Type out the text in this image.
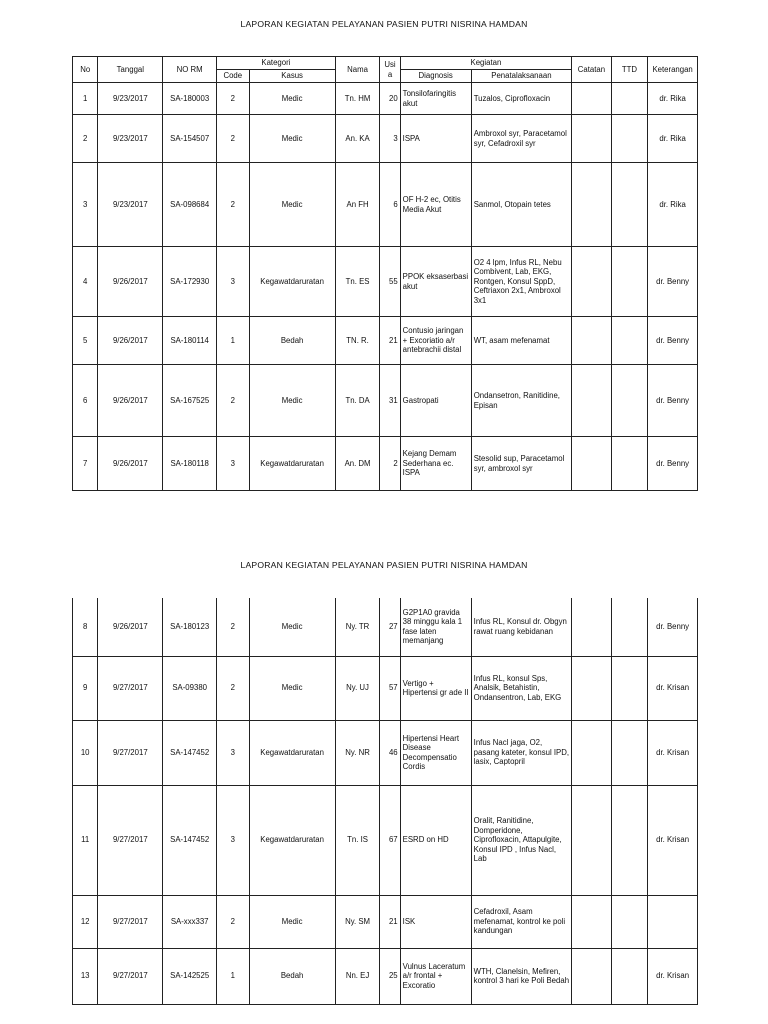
LAPORAN KEGIATAN PELAYANAN PASIEN PUTRI NISRINA HAMDAN
No	Tanggal	NO RM	Kategori		Nama	Usia	Kegiatan		Catatan	TTD	Keterangan
			Code	Kasus			Diagnosis	Penatalaksanaan			
1	9/23/2017	SA-180003	2	Medic	Tn. HM	20	Tonsilofaringitis akut	Tuzalos, Ciprofloxacin			dr. Rika
2	9/23/2017	SA-154507	2	Medic	An. KA	3	ISPA	Ambroxol syr, Paracetamol syr, Cefadroxil syr			dr. Rika
3	9/23/2017	SA-098684	2	Medic	An FH	6	OF H-2 ec, Otitis Media Akut	Sanmol, Otopain tetes			dr. Rika
4	9/26/2017	SA-172930	3	Kegawatdaruratan	Tn. ES	55	PPOK eksaserbasi akut	O2 4 lpm, Infus RL, Nebu Combivent, Lab, EKG, Rontgen, Konsul SppD, Ceftriaxon 2x1, Ambroxol 3x1			dr. Benny
5	9/26/2017	SA-180114	1	Bedah	TN. R.	21	Contusio jaringan + Excoriatio a/r antebrachii distal	WT, asam mefenamat			dr. Benny
6	9/26/2017	SA-167525	2	Medic	Tn. DA	31	Gastropati	Ondansetron, Ranitidine, Episan			dr. Benny
7	9/26/2017	SA-180118	3	Kegawatdaruratan	An. DM	2	Kejang Demam Sederhana ec. ISPA	Stesolid sup, Paracetamol syr, ambroxol syr			dr. Benny
LAPORAN KEGIATAN PELAYANAN PASIEN PUTRI NISRINA HAMDAN
8	9/26/2017	SA-180123	2	Medic	Ny. TR	27	G2P1A0 gravida 38 minggu kala 1 fase laten memanjang	Infus RL, Konsul dr. Obgyn rawat ruang kebidanan			dr. Benny
9	9/27/2017	SA-09380	2	Medic	Ny. UJ	57	Vertigo + Hipertensi gr ade II	Infus RL, konsul Sps, Analsik, Betahistin, Ondansentron, Lab, EKG			dr. Krisan
10	9/27/2017	SA-147452	3	Kegawatdaruratan	Ny. NR	46	Hipertensi Heart Disease Decompensatio Cordis	Infus Nacl jaga, O2, pasang kateter, konsul IPD, lasix, Captopril			dr. Krisan
11	9/27/2017	SA-147452	3	Kegawatdaruratan	Tn. IS	67	ESRD on HD	Oralit, Ranitidine, Domperidone, Ciprofloxacin, Attapulgite, Konsul IPD , Infus Nacl, Lab			dr. Krisan
12	9/27/2017	SA-xxx337	2	Medic	Ny. SM	21	ISK	Cefadroxil, Asam mefenamat, kontrol ke poli kandungan			
13	9/27/2017	SA-142525	1	Bedah	Nn. EJ	25	Vulnus Laceratum a/r frontal + Excoratio	WTH, Clanelsin, Mefiren, kontrol 3 hari ke Poli Bedah			dr. Krisan
